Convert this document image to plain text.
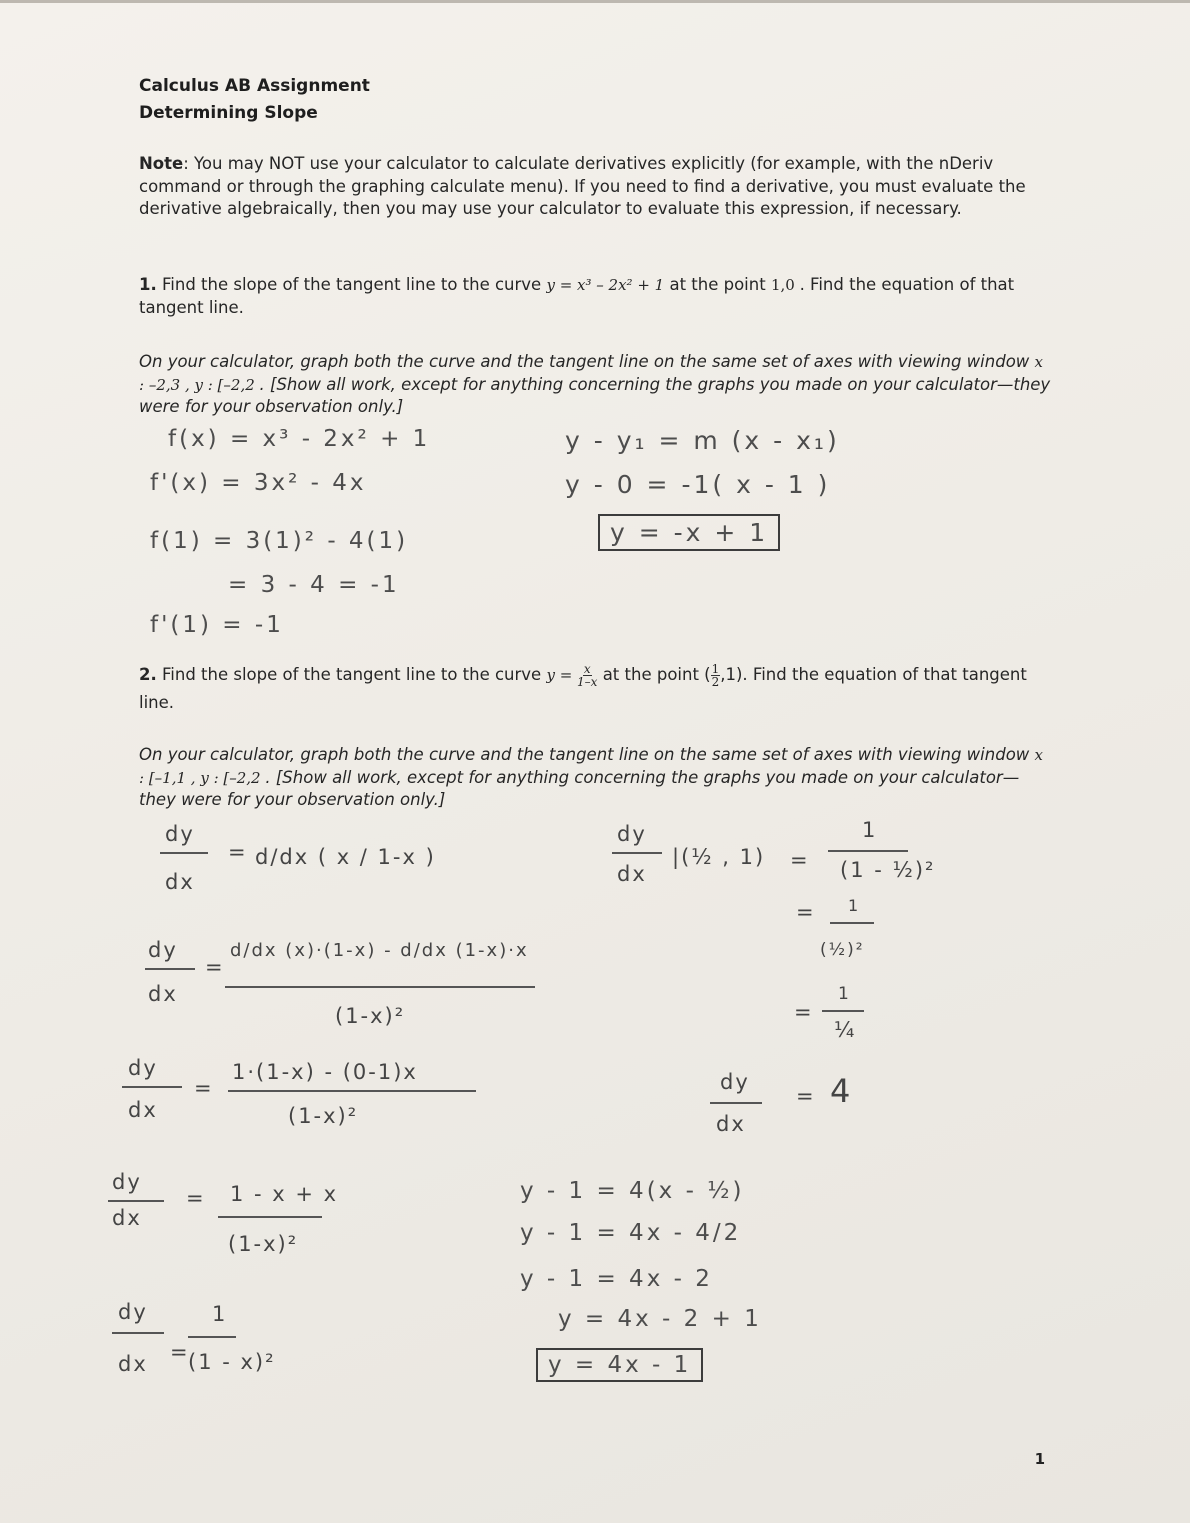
Calculus AB Assignment
Determining Slope
Note: You may NOT use your calculator to calculate derivatives explicitly (for example, with the nDeriv command or through the graphing calculate menu). If you need to find a derivative, you must evaluate the derivative algebraically, then you may use your calculator to evaluate this expression, if necessary.
1. Find the slope of the tangent line to the curve y = x³ – 2x² + 1 at the point 1,0 . Find the equation of that tangent line.
On your calculator, graph both the curve and the tangent line on the same set of axes with viewing window x : –2,3 , y : [–2,2 . [Show all work, except for anything concerning the graphs you made on your calculator—they were for your observation only.]
f(x) = x³ - 2x² + 1
f'(x) = 3x² - 4x
f(1) = 3(1)² - 4(1)
= 3 - 4 = -1
f'(1) = -1
y - y₁ = m (x - x₁)
y - 0 = -1( x - 1 )
y = -x + 1
2. Find the slope of the tangent line to the curve $y = \frac{x}{1-x}$ at the point ( $\frac{1}{2} ,1$). Find the equation of that tangent line.
On your calculator, graph both the curve and the tangent line on the same set of axes with viewing window x : [–1,1 , y : [–2,2 . [Show all work, except for anything concerning the graphs you made on your calculator—they were for your observation only.]
dy
dx
= d/dx ( x / 1-x )
dy
dx
=
d/dx (x)·(1-x) - d/dx (1-x)·x
(1-x)²
dy
dx
=
1·(1-x) - (0-1)x
(1-x)²
dy
dx
= 1 - x + x
(1-x)²
dy
dx =
1
(1 - x)²
dy
dx
|(½ , 1) =
1
(1 - ½)²
= 1
(½)²
=
1
¼
dy
dx
= 4
y - 1 = 4(x - ½)
y - 1 = 4x - 4/2
y - 1 = 4x - 2
y = 4x - 2 + 1
y = 4x - 1
1
